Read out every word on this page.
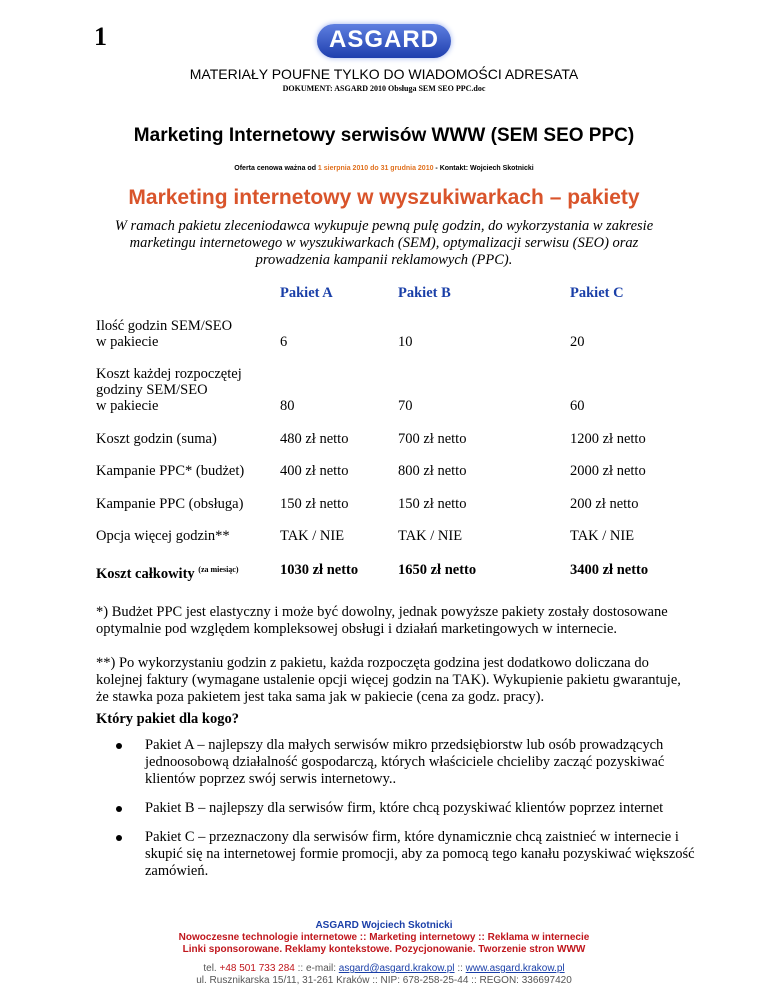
1	ASGARD
MATERIAŁY POUFNE TYLKO DO WIADOMOŚCI ADRESATA
DOKUMENT: ASGARD 2010 Obsługa SEM SEO PPC.doc
Marketing Internetowy serwisów WWW (SEM SEO PPC)
Oferta cenowa ważna od 1 sierpnia 2010 do 31 grudnia 2010 - Kontakt: Wojciech Skotnicki
Marketing internetowy w wyszukiwarkach – pakiety
W ramach pakietu zleceniodawca wykupuje pewną pulę godzin, do wykorzystania w zakresie marketingu internetowego w wyszukiwarkach (SEM), optymalizacji serwisu (SEO) oraz prowadzenia kampanii reklamowych (PPC).
Pakiet A	Pakiet B	Pakiet C
Ilość godzin SEM/SEO
w pakiecie	6	10	20
Koszt każdej rozpoczętej
godziny SEM/SEO
w pakiecie	80	70	60
Koszt godzin (suma)	480 zł netto	700 zł netto	1200 zł netto
Kampanie PPC* (budżet) 400 zł netto	800 zł netto	2000 zł netto
Kampanie PPC (obsługa)	150 zł netto	150 zł netto	200 zł netto
Opcja więcej godzin**	TAK / NIE	TAK / NIE	TAK / NIE
Koszt całkowity $^{(za miesiąc)}$	1030 zł netto	1650 zł netto	3400 zł netto
*) Budżet PPC jest elastyczny i może być dowolny, jednak powyższe pakiety zostały dostosowane optymalnie pod względem kompleksowej obsługi i działań marketingowych w internecie.
**) Po wykorzystaniu godzin z pakietu, każda rozpoczęta godzina jest dodatkowo doliczana do kolejnej faktury (wymagane ustalenie opcji więcej godzin na TAK). Wykupienie pakietu gwarantuje, że stawka poza pakietem jest taka sama jak w pakiecie (cena za godz. pracy).
Który pakiet dla kogo?
Pakiet A – najlepszy dla małych serwisów mikro przedsiębiorstw lub osób prowadzących jednoosobową działalność gospodarczą, których właściciele chcieliby zacząć pozyskiwać klientów poprzez swój serwis internetowy..
Pakiet B – najlepszy dla serwisów firm, które chcą pozyskiwać klientów poprzez internet
Pakiet C – przeznaczony dla serwisów firm, które dynamicznie chcą zaistnieć w internecie i skupić się na internetowej formie promocji, aby za pomocą tego kanału pozyskiwać większość zamówień.
ASGARD Wojciech Skotnicki
Nowoczesne technologie internetowe :: Marketing internetowy :: Reklama w internecie
Linki sponsorowane. Reklamy kontekstowe. Pozycjonowanie. Tworzenie stron WWW
tel. +48 501 733 284 :: e-mail: asgard@asgard.krakow.pl :: www.asgard.krakow.pl
ul. Rusznikarska 15/11, 31-261 Kraków :: NIP: 678-258-25-44 :: REGON: 336697420
